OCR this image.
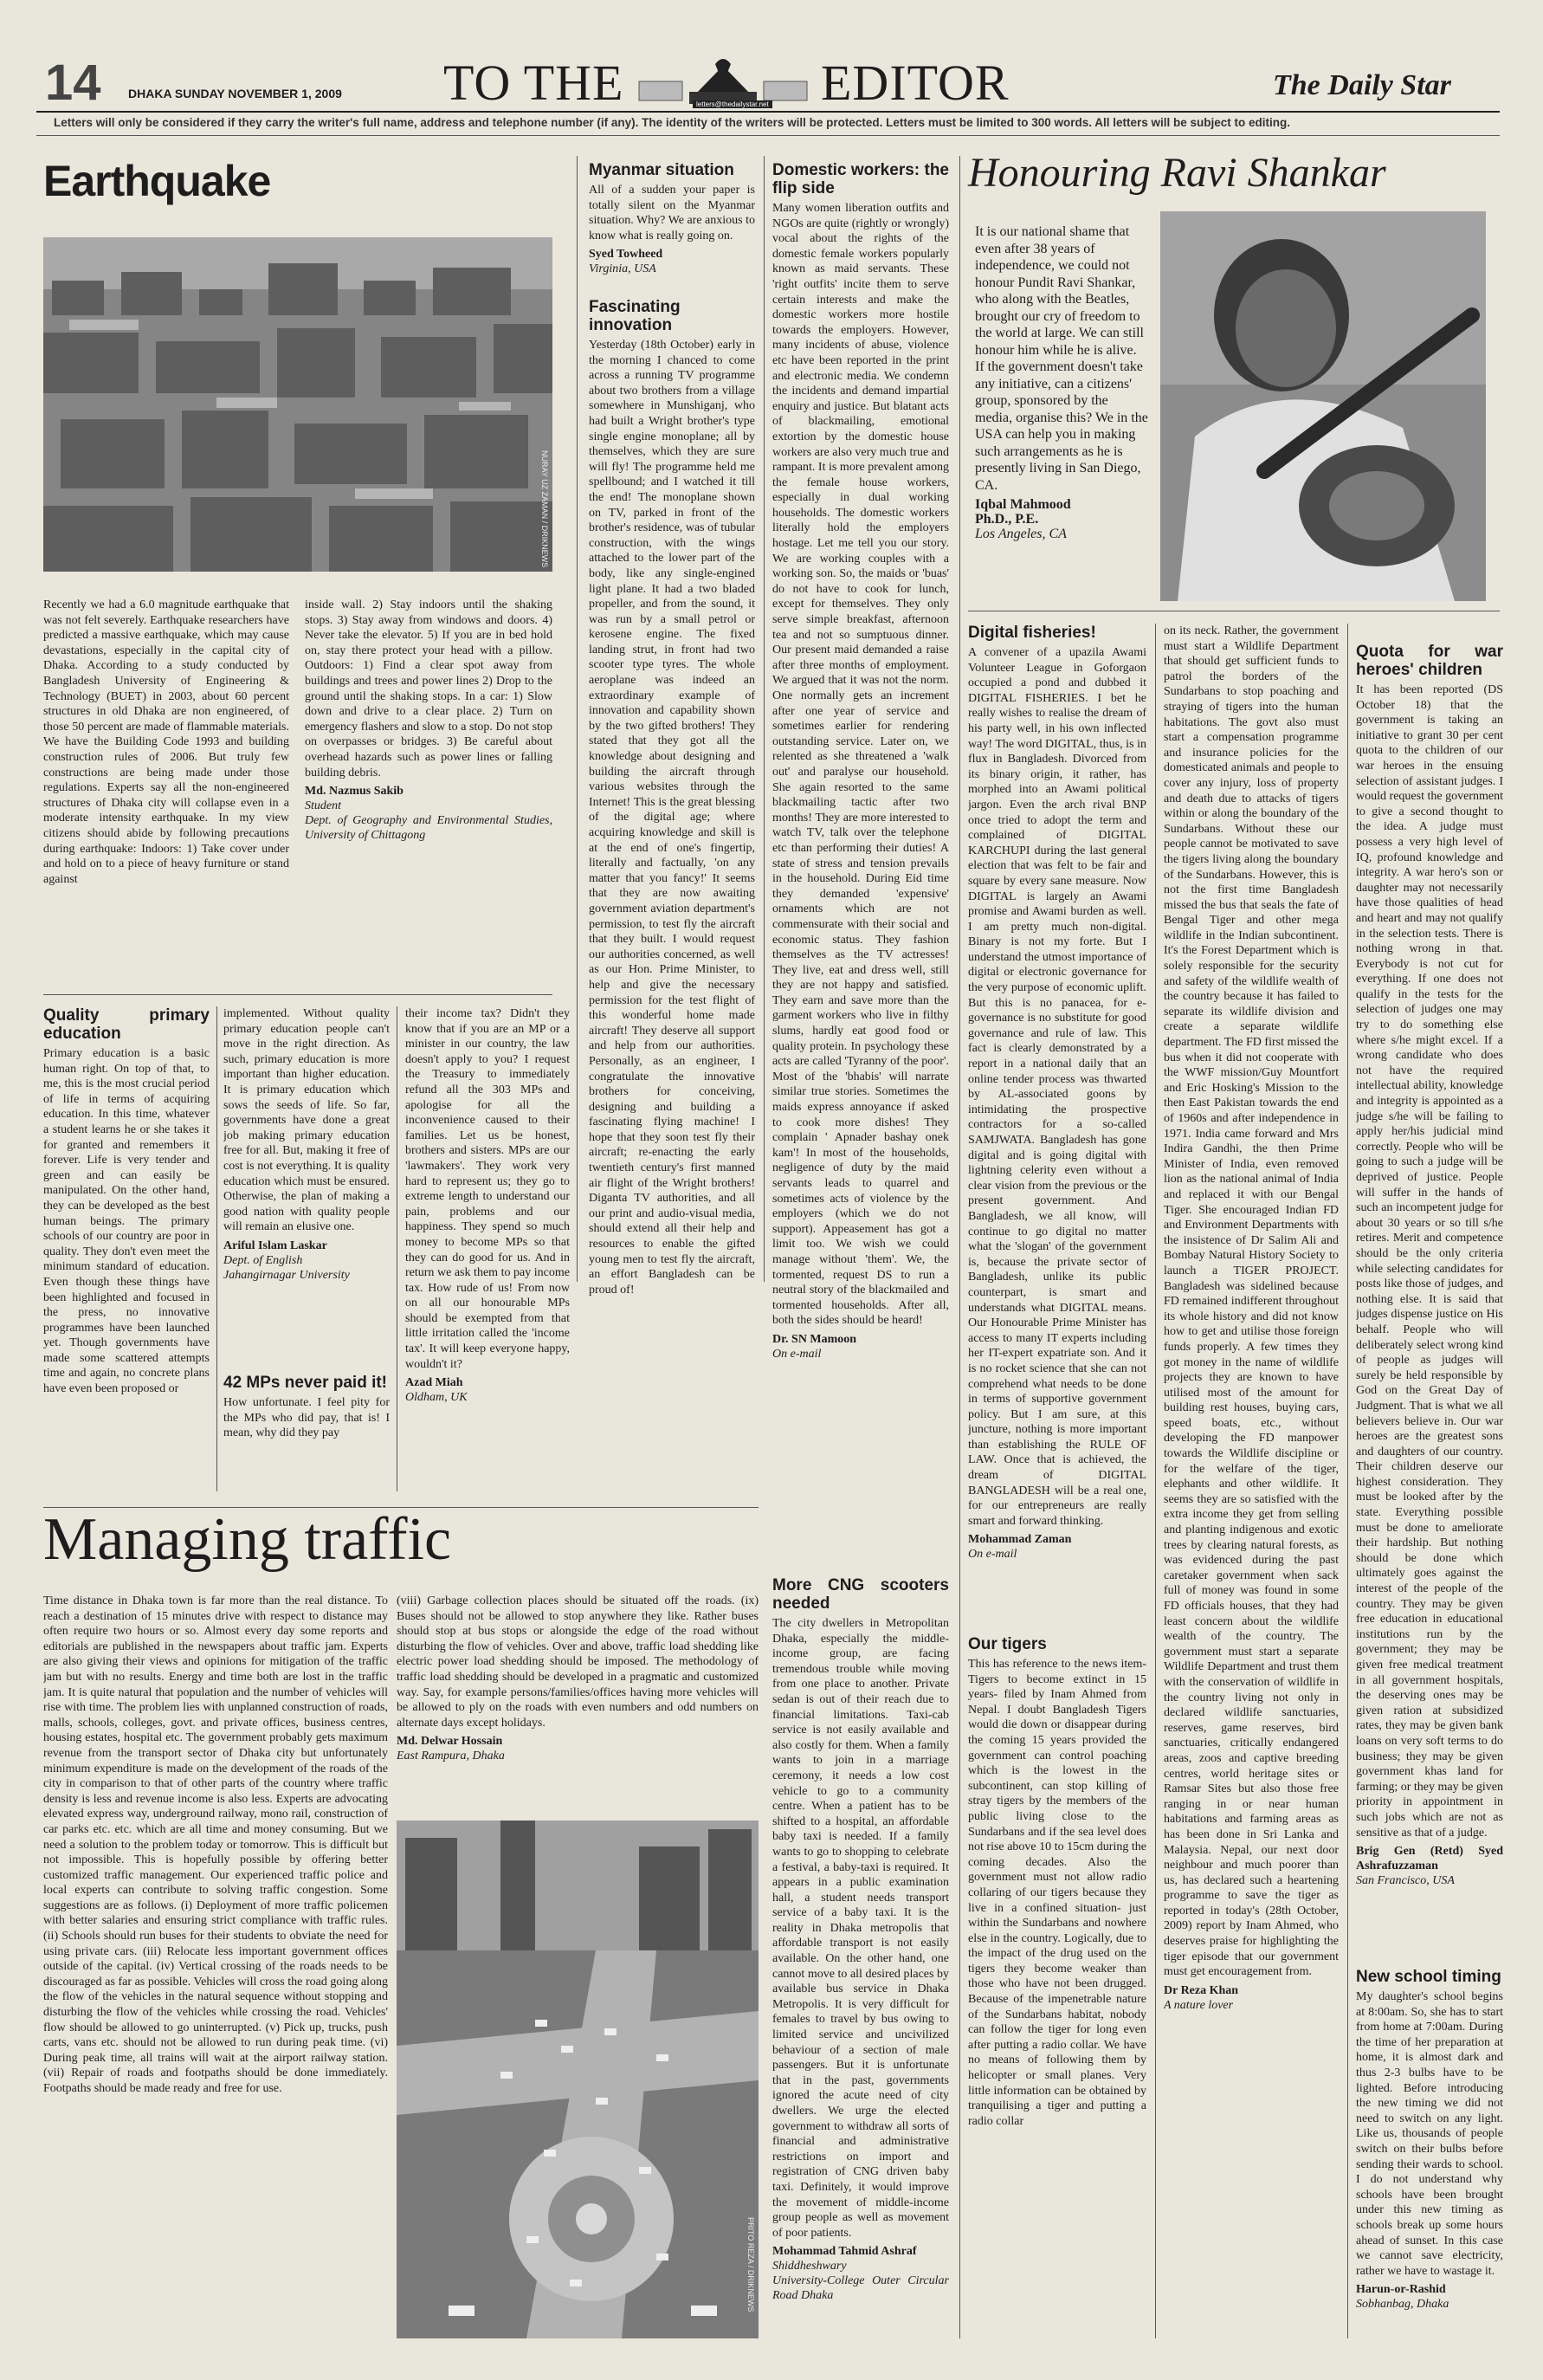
14 DHAKA SUNDAY NOVEMBER 1, 2009 TO THE	letters@thedailystar.net EDITOR	The Daily Star
Letters will only be considered if they carry the writer's full name, address and telephone number (if any). The identity of the writers will be protected. Letters must be limited to 300 words. All letters will be subject to editing.
Earthquake
NURAY UZ ZAMAN / DRIKNEWS

Recently we had a 6.0 magnitude earthquake that was not felt severely. Earthquake researchers have predicted a massive earthquake, which may cause devastations, especially in the capital city of Dhaka. According to a study conducted by Bangladesh University of Engineering & Technology (BUET) in 2003, about 60 percent structures in old Dhaka are non engineered, of those 50 percent are made of flammable materials. We have the Building Code 1993 and building construction rules of 2006. But truly few constructions are being made under those regulations. Experts say all the non-engineered structures of Dhaka city will collapse even in a moderate intensity earthquake. In my view citizens should abide by following precautions during earthquake: Indoors: 1) Take cover under and hold on to a piece of heavy furniture or stand against

inside wall. 2) Stay indoors until the shaking stops. 3) Stay away from windows and doors. 4) Never take the elevator. 5) If you are in bed hold on, stay there protect your head with a pillow. Outdoors: 1) Find a clear spot away from buildings and trees and power lines 2) Drop to the ground until the shaking stops. In a car: 1) Slow down and drive to a clear place. 2) Turn on emergency flashers and slow to a stop. Do not stop on overpasses or bridges. 3) Be careful about overhead hazards such as power lines or falling building debris.

Md. Nazmus Sakib
Student
Dept. of Geography and Environmental Studies, University of Chittagong
Myanmar situation

All of a sudden your paper is totally silent on the Myanmar situation. Why? We are anxious to know what is really going on.

Syed Towheed
Virginia, USA
Fascinating innovation

Yesterday (18th October) early in the morning I chanced to come across a running TV programme about two brothers from a village somewhere in Munshiganj, who had built a Wright brother's type single engine monoplane; all by themselves, which they are sure will fly! The programme held me spellbound; and I watched it till the end! The monoplane shown on TV, parked in front of the brother's residence, was of tubular construction, with the wings attached to the lower part of the body, like any single-engined light plane. It had a two bladed propeller, and from the sound, it was run by a small petrol or kerosene engine. The fixed landing strut, in front had two scooter type tyres. The whole aeroplane was indeed an extraordinary example of innovation and capability shown by the two gifted brothers! They stated that they got all the knowledge about designing and building the aircraft through various websites through the Internet! This is the great blessing of the digital age; where acquiring knowledge and skill is at the end of one's fingertip, literally and factually, 'on any matter that you fancy!' It seems that they are now awaiting government aviation department's permission, to test fly the aircraft that they built. I would request our authorities concerned, as well as our Hon. Prime Minister, to help and give the necessary permission for the test flight of this wonderful home made aircraft! They deserve all support and help from our authorities. Personally, as an engineer, I congratulate the innovative brothers for conceiving, designing and building a fascinating flying machine! I hope that they soon test fly their aircraft; re-enacting the early twentieth century's first manned air flight of the Wright brothers! Diganta TV authorities, and all our print and audio-visual media, should extend all their help and resources to enable the gifted young men to test fly the aircraft, an effort Bangladesh can be proud of!

Domestic workers: the flip side

Many women liberation outfits and NGOs are quite (rightly or wrongly) vocal about the rights of the domestic female workers popularly known as maid servants. These 'right outfits' incite them to serve certain interests and make the domestic workers more hostile towards the employers. However, many incidents of abuse, violence etc have been reported in the print and electronic media. We condemn the incidents and demand impartial enquiry and justice. But blatant acts of blackmailing, emotional extortion by the domestic house workers are also very much true and rampant. It is more prevalent among the female house workers, especially in dual working households. The domestic workers literally hold the employers hostage. Let me tell you our story. We are working couples with a working son. So, the maids or 'buas' do not have to cook for lunch, except for themselves. They only serve simple breakfast, afternoon tea and not so sumptuous dinner. Our present maid demanded a raise after three months of employment. We argued that it was not the norm. One normally gets an increment after one year of service and sometimes earlier for rendering outstanding service. Later on, we relented as she threatened a 'walk out' and paralyse our household. She again resorted to the same blackmailing tactic after two months! They are more interested to watch TV, talk over the telephone etc than performing their duties! A state of stress and tension prevails in the household. During Eid time they demanded 'expensive' ornaments which are not commensurate with their social and economic status. They fashion themselves as the TV actresses! They live, eat and dress well, still they are not happy and satisfied. They earn and save more than the garment workers who live in filthy slums, hardly eat good food or quality protein. In psychology these acts are called 'Tyranny of the poor'. Most of the 'bhabis' will narrate similar true stories. Sometimes the maids express annoyance if asked to cook more dishes! They complain ' Apnader bashay onek kam'! In most of the households, negligence of duty by the maid servants leads to quarrel and sometimes acts of violence by the employers (which we do not support). Appeasement has got a limit too. We wish we could manage without 'them'. We, the tormented, request DS to run a neutral story of the blackmailed and tormented households. After all, both the sides should be heard!

Dr. SN Mamoon
On e-mail
Honouring Ravi Shankar

It is our national shame that even after 38 years of independence, we could not honour Pundit Ravi Shankar, who along with the Beatles, brought our cry of freedom to the world at large. We can still honour him while he is alive. If the government doesn't take any initiative, can a citizens' group, sponsored by the media, organise this? We in the USA can help you in making such arrangements as he is presently living in San Diego, CA.

Iqbal Mahmood
Ph.D., P.E.
Los Angeles, CA
Digital fisheries!

A convener of a upazila Awami Volunteer League in Goforgaon occupied a pond and dubbed it DIGITAL FISHERIES. I bet he really wishes to realise the dream of his party well, in his own inflected way! The word DIGITAL, thus, is in flux in Bangladesh. Divorced from its binary origin, it rather, has morphed into an Awami political jargon. Even the arch rival BNP once tried to adopt the term and complained of DIGITAL KARCHUPI during the last general election that was felt to be fair and square by every sane measure. Now DIGITAL is largely an Awami promise and Awami burden as well. I am pretty much non-digital. Binary is not my forte. But I understand the utmost importance of digital or electronic governance for the very purpose of economic uplift. But this is no panacea, for e-governance is no substitute for good governance and rule of law. This fact is clearly demonstrated by a report in a national daily that an online tender process was thwarted by AL-associated goons by intimidating the prospective contractors for a so-called SAMJWATA. Bangladesh has gone digital and is going digital with lightning celerity even without a clear vision from the previous or the present government. And Bangladesh, we all know, will continue to go digital no matter what the 'slogan' of the government is, because the private sector of Bangladesh, unlike its public counterpart, is smart and understands what DIGITAL means. Our Honourable Prime Minister has access to many IT experts including her IT-expert expatriate son. And it is no rocket science that she can not comprehend what needs to be done in terms of supportive government policy. But I am sure, at this juncture, nothing is more important than establishing the RULE OF LAW. Once that is achieved, the dream of DIGITAL BANGLADESH will be a real one, for our entrepreneurs are really smart and forward thinking.

Mohammad Zaman
On e-mail
Our tigers

This has reference to the news item-Tigers to become extinct in 15 years- filed by Inam Ahmed from Nepal. I doubt Bangladesh Tigers would die down or disappear during the coming 15 years provided the government can control poaching which is the lowest in the subcontinent, can stop killing of stray tigers by the members of the public living close to the Sundarbans and if the sea level does not rise above 10 to 15cm during the coming decades. Also the government must not allow radio collaring of our tigers because they live in a confined situation- just within the Sundarbans and nowhere else in the country. Logically, due to the impact of the drug used on the tigers they become weaker than those who have not been drugged. Because of the impenetrable nature of the Sundarbans habitat, nobody can follow the tiger for long even after putting a radio collar. We have no means of following them by helicopter or small planes. Very little information can be obtained by tranquilising a tiger and putting a radio collar

on its neck. Rather, the government must start a Wildlife Department that should get sufficient funds to patrol the borders of the Sundarbans to stop poaching and straying of tigers into the human habitations. The govt also must start a compensation programme and insurance policies for the domesticated animals and people to cover any injury, loss of property and death due to attacks of tigers within or along the boundary of the Sundarbans. Without these our people cannot be motivated to save the tigers living along the boundary of the Sundarbans. However, this is not the first time Bangladesh missed the bus that seals the fate of Bengal Tiger and other mega wildlife in the Indian subcontinent. It's the Forest Department which is solely responsible for the security and safety of the wildlife wealth of the country because it has failed to separate its wildlife division and create a separate wildlife department. The FD first missed the bus when it did not cooperate with the WWF mission/Guy Mountfort and Eric Hosking's Mission to the then East Pakistan towards the end of 1960s and after independence in 1971. India came forward and Mrs Indira Gandhi, the then Prime Minister of India, even removed lion as the national animal of India and replaced it with our Bengal Tiger. She encouraged Indian FD and Environment Departments with the insistence of Dr Salim Ali and Bombay Natural History Society to launch a TIGER PROJECT. Bangladesh was sidelined because FD remained indifferent throughout its whole history and did not know how to get and utilise those foreign funds properly. A few times they got money in the name of wildlife projects they are known to have utilised most of the amount for building rest houses, buying cars, speed boats, etc., without developing the FD manpower towards the Wildlife discipline or for the welfare of the tiger, elephants and other wildlife. It seems they are so satisfied with the extra income they get from selling and planting indigenous and exotic trees by clearing natural forests, as was evidenced during the past caretaker government when sack full of money was found in some FD officials houses, that they had least concern about the wildlife wealth of the country. The government must start a separate Wildlife Department and trust them with the conservation of wildlife in the country living not only in declared wildlife sanctuaries, reserves, game reserves, bird sanctuaries, critically endangered areas, zoos and captive breeding centres, world heritage sites or Ramsar Sites but also those free ranging in or near human habitations and farming areas as has been done in Sri Lanka and Malaysia. Nepal, our next door neighbour and much poorer than us, has declared such a heartening programme to save the tiger as reported in today's (28th October, 2009) report by Inam Ahmed, who deserves praise for highlighting the tiger episode that our government must get encouragement from.

Dr Reza Khan
A nature lover
Quota for war heroes' children

It has been reported (DS October 18) that the government is taking an initiative to grant 30 per cent quota to the children of our war heroes in the ensuing selection of assistant judges. I would request the government to give a second thought to the idea. A judge must possess a very high level of IQ, profound knowledge and integrity. A war hero's son or daughter may not necessarily have those qualities of head and heart and may not qualify in the selection tests. There is nothing wrong in that. Everybody is not cut for everything. If one does not qualify in the tests for the selection of judges one may try to do something else where s/he might excel. If a wrong candidate who does not have the required intellectual ability, knowledge and integrity is appointed as a judge s/he will be failing to apply her/his judicial mind correctly. People who will be going to such a judge will be deprived of justice. People will suffer in the hands of such an incompetent judge for about 30 years or so till s/he retires. Merit and competence should be the only criteria while selecting candidates for posts like those of judges, and nothing else. It is said that judges dispense justice on His behalf. People who will deliberately select wrong kind of people as judges will surely be held responsible by God on the Great Day of Judgment. That is what we all believers believe in. Our war heroes are the greatest sons and daughters of our country. Their children deserve our highest consideration. They must be looked after by the state. Everything possible must be done to ameliorate their hardship. But nothing should be done which ultimately goes against the interest of the people of the country. They may be given free education in educational institutions run by the government; they may be given free medical treatment in all government hospitals, the deserving ones may be given ration at subsidized rates, they may be given bank loans on very soft terms to do business; they may be given government khas land for farming; or they may be given priority in appointment in such jobs which are not as sensitive as that of a judge.

Brig Gen (Retd) Syed Ashrafuzzaman
San Francisco, USA
New school timing

My daughter's school begins at 8:00am. So, she has to start from home at 7:00am. During the time of her preparation at home, it is almost dark and thus 2-3 bulbs have to be lighted. Before introducing the new timing we did not need to switch on any light. Like us, thousands of people switch on their bulbs before sending their wards to school. I do not understand why schools have been brought under this new timing as schools break up some hours ahead of sunset. In this case we cannot save electricity, rather we have to wastage it.

Harun-or-Rashid
Sobhanbag, Dhaka
Quality primary education

Primary education is a basic human right. On top of that, to me, this is the most crucial period of life in terms of acquiring education. In this time, whatever a student learns he or she takes it for granted and remembers it forever. Life is very tender and green and can easily be manipulated. On the other hand, they can be developed as the best human beings. The primary schools of our country are poor in quality. They don't even meet the minimum standard of education. Even though these things have been highlighted and focused in the press, no innovative programmes have been launched yet. Though governments have made some scattered attempts time and again, no concrete plans have even been proposed or

implemented. Without quality primary education people can't move in the right direction. As such, primary education is more important than higher education. It is primary education which sows the seeds of life. So far, governments have done a great job making primary education free for all. But, making it free of cost is not everything. It is quality education which must be ensured. Otherwise, the plan of making a good nation with quality people will remain an elusive one.

Ariful Islam Laskar
Dept. of English
Jahangirnagar University
42 MPs never paid it!

How unfortunate. I feel pity for the MPs who did pay, that is! I mean, why did they pay

their income tax? Didn't they know that if you are an MP or a minister in our country, the law doesn't apply to you? I request the Treasury to immediately refund all the 303 MPs and apologise for all the inconvenience caused to their families. Let us be honest, brothers and sisters. MPs are our 'lawmakers'. They work very hard to represent us; they go to extreme length to understand our pain, problems and our happiness. They spend so much money to become MPs so that they can do good for us. And in return we ask them to pay income tax. How rude of us! From now on all our honourable MPs should be exempted from that little irritation called the 'income tax'. It will keep everyone happy, wouldn't it?

Azad Miah
Oldham, UK
Managing traffic

Time distance in Dhaka town is far more than the real distance. To reach a destination of 15 minutes drive with respect to distance may often require two hours or so. Almost every day some reports and editorials are published in the newspapers about traffic jam. Experts are also giving their views and opinions for mitigation of the traffic jam but with no results. Energy and time both are lost in the traffic jam. It is quite natural that population and the number of vehicles will rise with time. The problem lies with unplanned construction of roads, malls, schools, colleges, govt. and private offices, business centres, housing estates, hospital etc. The government probably gets maximum revenue from the transport sector of Dhaka city but unfortunately minimum expenditure is made on the development of the roads of the city in comparison to that of other parts of the country where traffic density is less and revenue income is also less. Experts are advocating elevated express way, underground railway, mono rail, construction of car parks etc. etc. which are all time and money consuming. But we need a solution to the problem today or tomorrow. This is difficult but not impossible. This is hopefully possible by offering better customized traffic management. Our experienced traffic police and local experts can contribute to solving traffic congestion. Some suggestions are as follows. (i) Deployment of more traffic policemen with better salaries and ensuring strict compliance with traffic rules. (ii) Schools should run buses for their students to obviate the need for using private cars. (iii) Relocate less important government offices outside of the capital. (iv) Vertical crossing of the roads needs to be discouraged as far as possible. Vehicles will cross the road going along the flow of the vehicles in the natural sequence without stopping and disturbing the flow of the vehicles while crossing the road. Vehicles' flow should be allowed to go uninterrupted. (v) Pick up, trucks, push carts, vans etc. should not be allowed to run during peak time. (vi) During peak time, all trains will wait at the airport railway station. (vii) Repair of roads and footpaths should be done immediately. Footpaths should be made ready and free for use.

(viii) Garbage collection places should be situated off the roads. (ix) Buses should not be allowed to stop anywhere they like. Rather buses should stop at bus stops or alongside the edge of the road without disturbing the flow of vehicles. Over and above, traffic load shedding like electric power load shedding should be imposed. The methodology of traffic load shedding should be developed in a pragmatic and customized way. Say, for example persons/families/offices having more vehicles will be allowed to ply on the roads with even numbers and odd numbers on alternate days except holidays.

Md. Delwar Hossain
East Rampura, Dhaka
PRITO REZA / DRIKNEWS
More CNG scooters needed

The city dwellers in Metropolitan Dhaka, especially the middle-income group, are facing tremendous trouble while moving from one place to another. Private sedan is out of their reach due to financial limitations. Taxi-cab service is not easily available and also costly for them. When a family wants to join in a marriage ceremony, it needs a low cost vehicle to go to a community centre. When a patient has to be shifted to a hospital, an affordable baby taxi is needed. If a family wants to go to shopping to celebrate a festival, a baby-taxi is required. It appears in a public examination hall, a student needs transport service of a baby taxi. It is the reality in Dhaka metropolis that affordable transport is not easily available. On the other hand, one cannot move to all desired places by available bus service in Dhaka Metropolis. It is very difficult for females to travel by bus owing to limited service and uncivilized behaviour of a section of male passengers. But it is unfortunate that in the past, governments ignored the acute need of city dwellers. We urge the elected government to withdraw all sorts of financial and administrative restrictions on import and registration of CNG driven baby taxi. Definitely, it would improve the movement of middle-income group people as well as movement of poor patients.

Mohammad Tahmid Ashraf
Shiddheshwary
University-College Outer Circular Road Dhaka
